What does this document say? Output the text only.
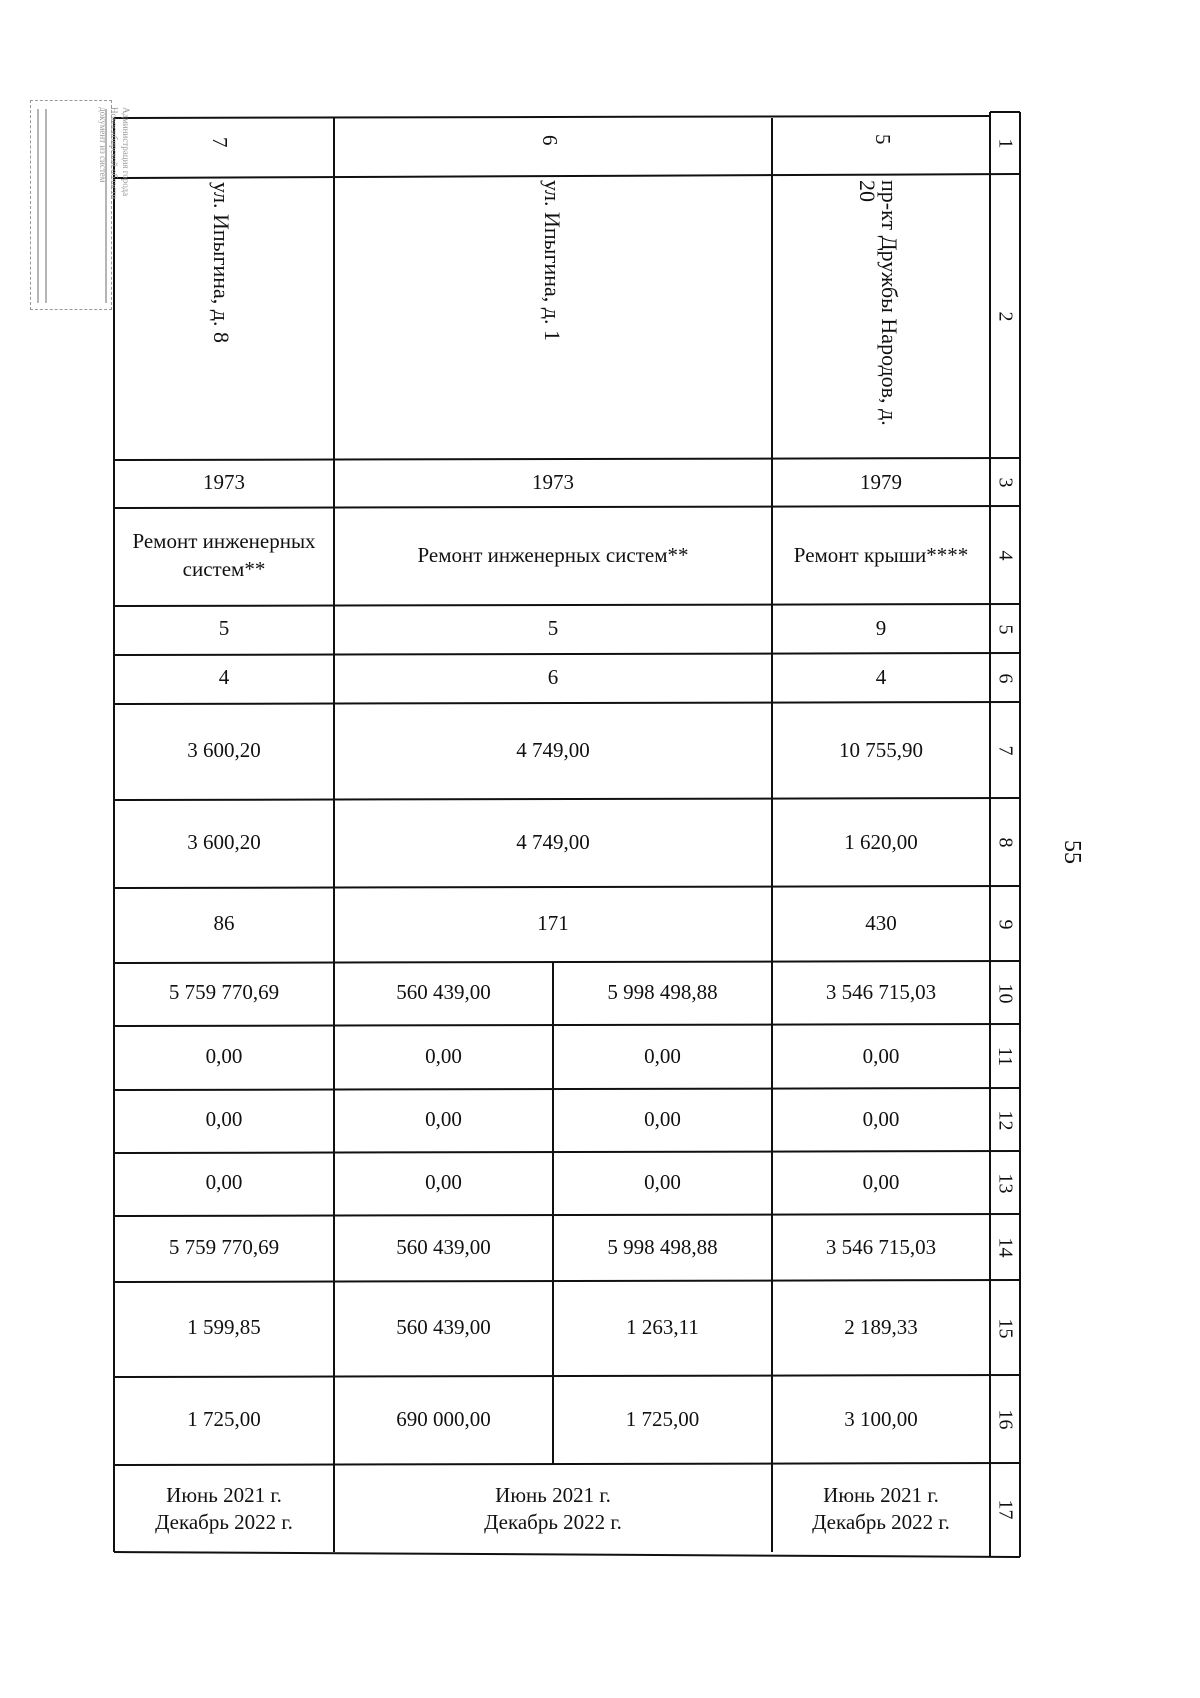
Администрация города
Новосибирской области
документ из систем
55
1
2
3
4
5
6
7
8
9
10
11
12
13
14
15
16
17
5
пр-кт Дружбы Народов, д.
20
1979
Ремонт крыши****
9
4
10 755,90
1 620,00
430
3 546 715,03
0,00
0,00
0,00
3 546 715,03
2 189,33
3 100,00
Июнь 2021 г.
Декабрь 2022 г.
6
ул. Ипыгина, д. 1
1973
Ремонт инженерных систем**
5
6
4 749,00
4 749,00
171
5 998 498,88
0,00
0,00
0,00
5 998 498,88
1 263,11
1 725,00
560 439,00
0,00
0,00
0,00
560 439,00
560 439,00
690 000,00
Июнь 2021 г.
Декабрь 2022 г.
7
ул. Ипыгина, д. 8
1973
Ремонт инженерных
систем**
5
4
3 600,20
3 600,20
86
5 759 770,69
0,00
0,00
0,00
5 759 770,69
1 599,85
1 725,00
Июнь 2021 г.
Декабрь 2022 г.
